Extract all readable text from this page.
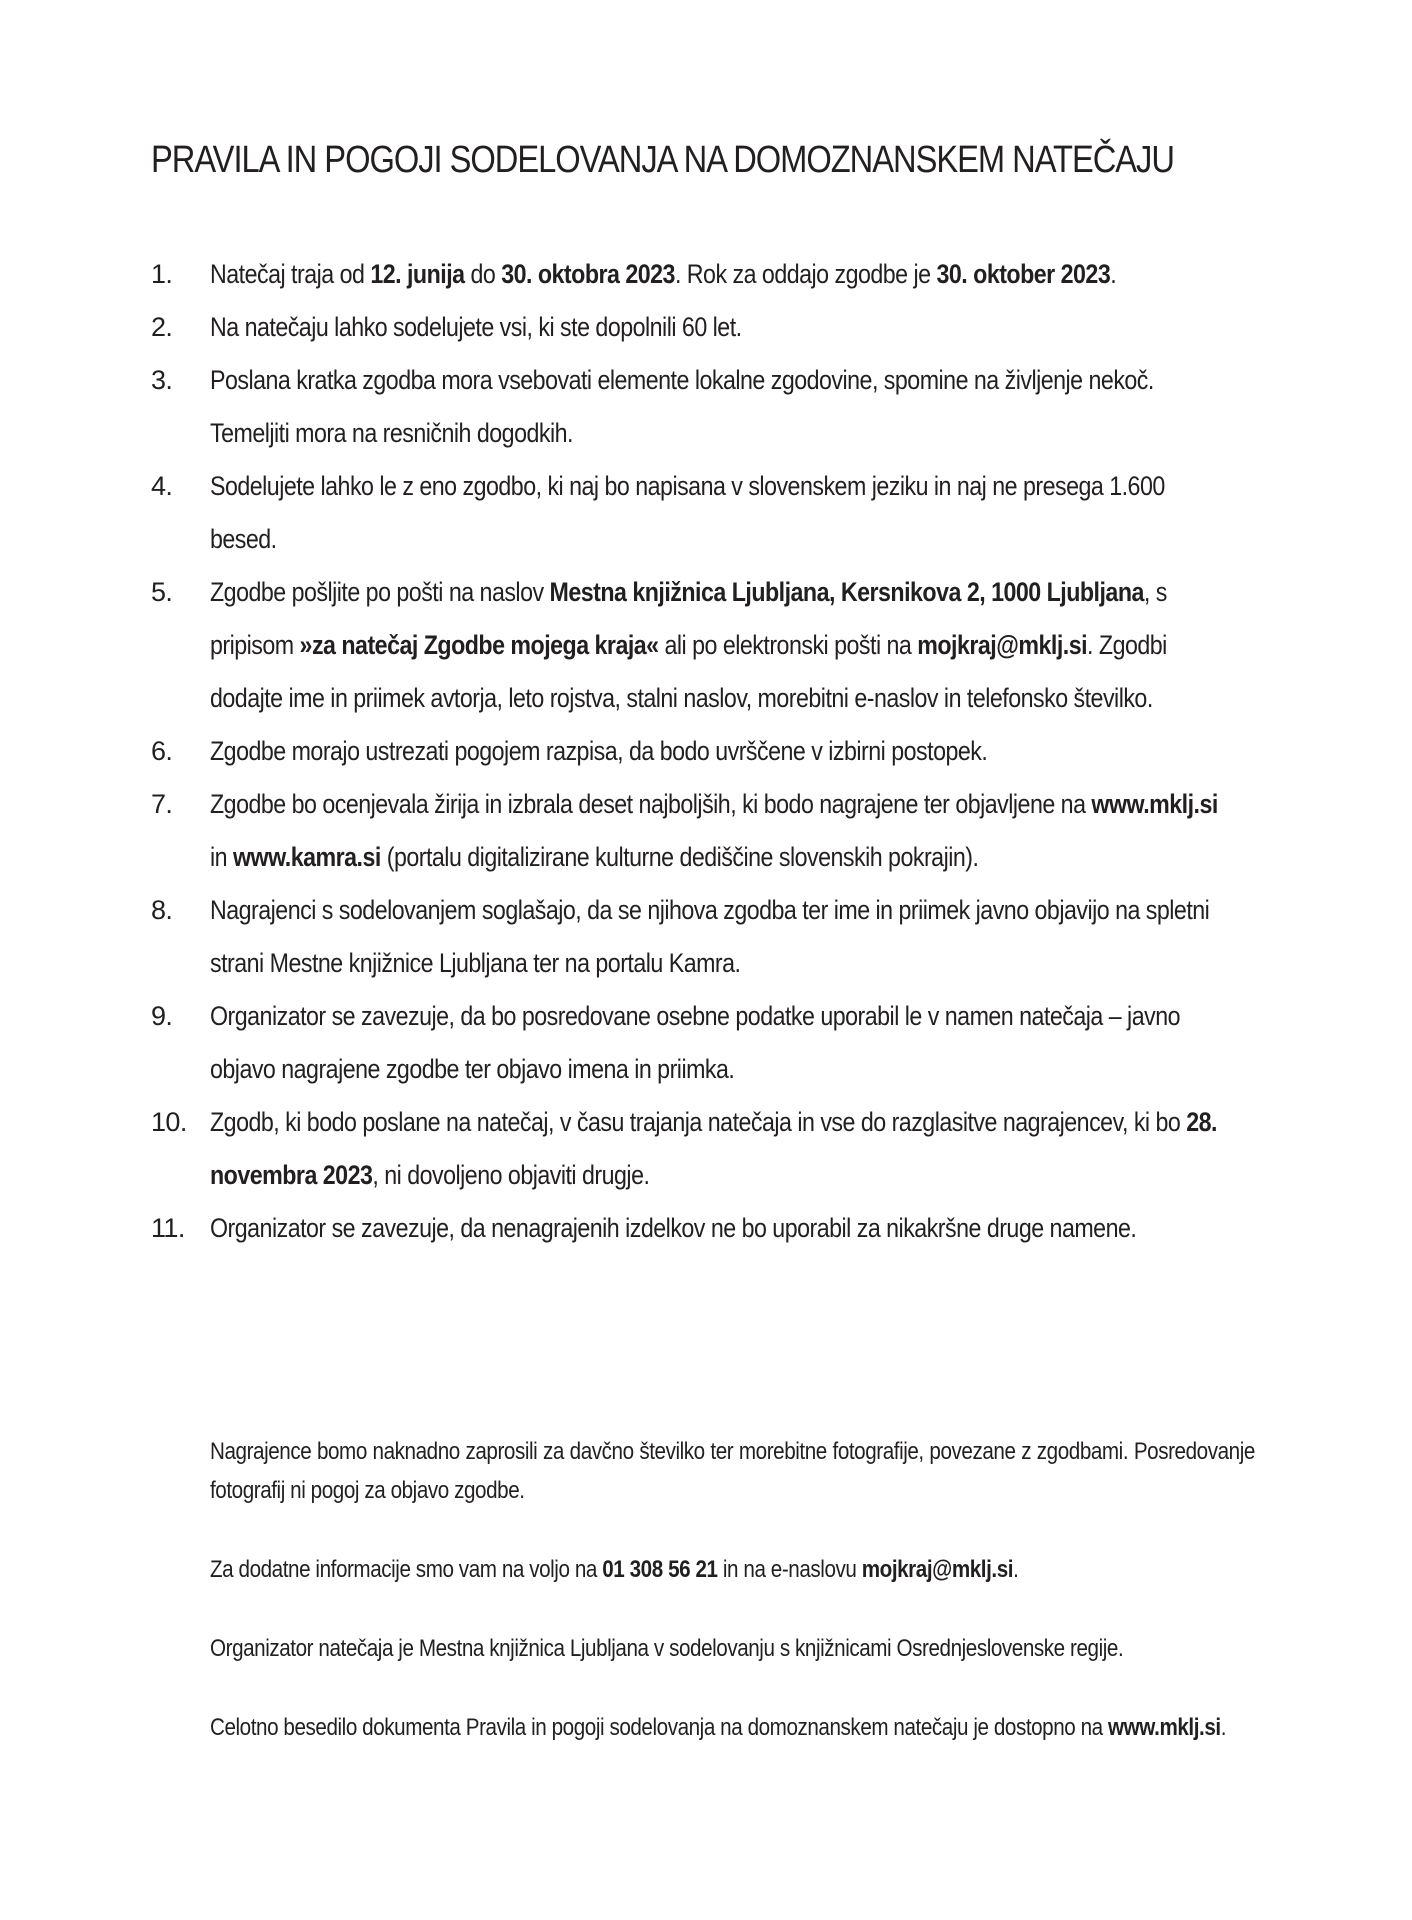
PRAVILA IN POGOJI SODELOVANJA NA DOMOZNANSKEM NATEČAJU
1.	Natečaj traja od 12. junija do 30. oktobra 2023. Rok za oddajo zgodbe je 30. oktober 2023.
2.	Na natečaju lahko sodelujete vsi, ki ste dopolnili 60 let.
3.	Poslana kratka zgodba mora vsebovati elemente lokalne zgodovine, spomine na življenje nekoč. Temeljiti mora na resničnih dogodkih.
4.	Sodelujete lahko le z eno zgodbo, ki naj bo napisana v slovenskem jeziku in naj ne presega 1.600 besed.
5.	Zgodbe pošljite po pošti na naslov Mestna knjižnica Ljubljana, Kersnikova 2, 1000 Ljubljana, s pripisom »za natečaj Zgodbe mojega kraja« ali po elektronski pošti na mojkraj@mklj.si. Zgodbi dodajte ime in priimek avtorja, leto rojstva, stalni naslov, morebitni e-naslov in telefonsko številko.
6.	Zgodbe morajo ustrezati pogojem razpisa, da bodo uvrščene v izbirni postopek.
7.	Zgodbe bo ocenjevala žirija in izbrala deset najboljših, ki bodo nagrajene ter objavljene na www.mklj.si in www.kamra.si (portalu digitalizirane kulturne dediščine slovenskih pokrajin).
8.	Nagrajenci s sodelovanjem soglašajo, da se njihova zgodba ter ime in priimek javno objavijo na spletni strani Mestne knjižnice Ljubljana ter na portalu Kamra.
9.	Organizator se zavezuje, da bo posredovane osebne podatke uporabil le v namen natečaja – javno objavo nagrajene zgodbe ter objavo imena in priimka.
10. Zgodb, ki bodo poslane na natečaj, v času trajanja natečaja in vse do razglasitve nagrajencev, ki bo 28. novembra 2023, ni dovoljeno objaviti drugje.
11. Organizator se zavezuje, da nenagrajenih izdelkov ne bo uporabil za nikakršne druge namene.

Nagrajence bomo naknadno zaprosili za davčno številko ter morebitne fotografije, povezane z zgodbami. Posredovanje fotografij ni pogoj za objavo zgodbe.

Za dodatne informacije smo vam na voljo na 01 308 56 21 in na e-naslovu mojkraj@mklj.si.

Organizator natečaja je Mestna knjižnica Ljubljana v sodelovanju s knjižnicami Osrednjeslovenske regije.

Celotno besedilo dokumenta Pravila in pogoji sodelovanja na domoznanskem natečaju je dostopno na www.mklj.si.
